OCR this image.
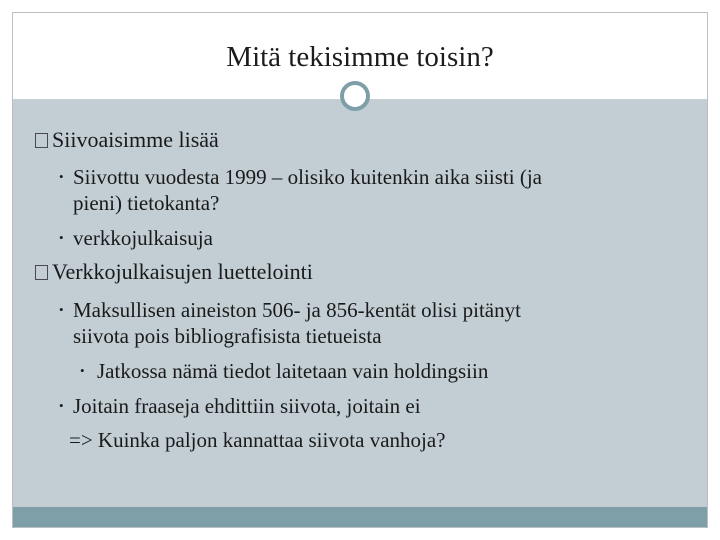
Mitä tekisimme toisin?
Siivoaisimme lisää
• Siivottu vuodesta 1999 – olisiko kuitenkin aika siisti (ja
pieni) tietokanta?
• verkkojulkaisuja
Verkkojulkaisujen luettelointi
• Maksullisen aineiston 506- ja 856-kentät olisi pitänyt
siivota pois bibliografisista tietueista
• Jatkossa nämä tiedot laitetaan vain holdingsiin
• Joitain fraaseja ehdittiin siivota, joitain ei
=> Kuinka paljon kannattaa siivota vanhoja?
